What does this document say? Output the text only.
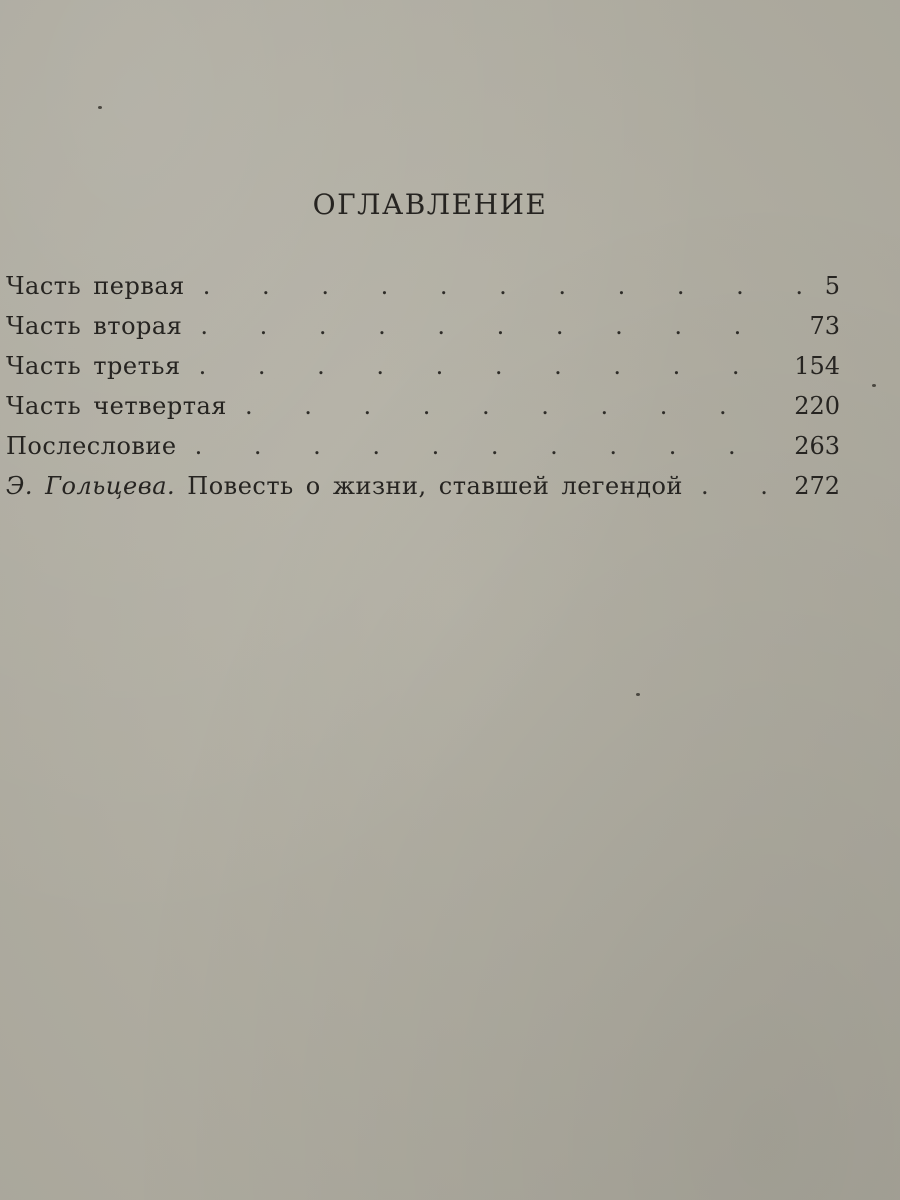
ОГЛАВЛЕНИЕ
Часть первая . . .	5
Часть вторая . . .	73
Часть третья . . .	154
Часть четвертая . . .	220
Послесловие . . .	263
Э. Гольцева. Повесть о жизни, ставшей легендой . . .	272
